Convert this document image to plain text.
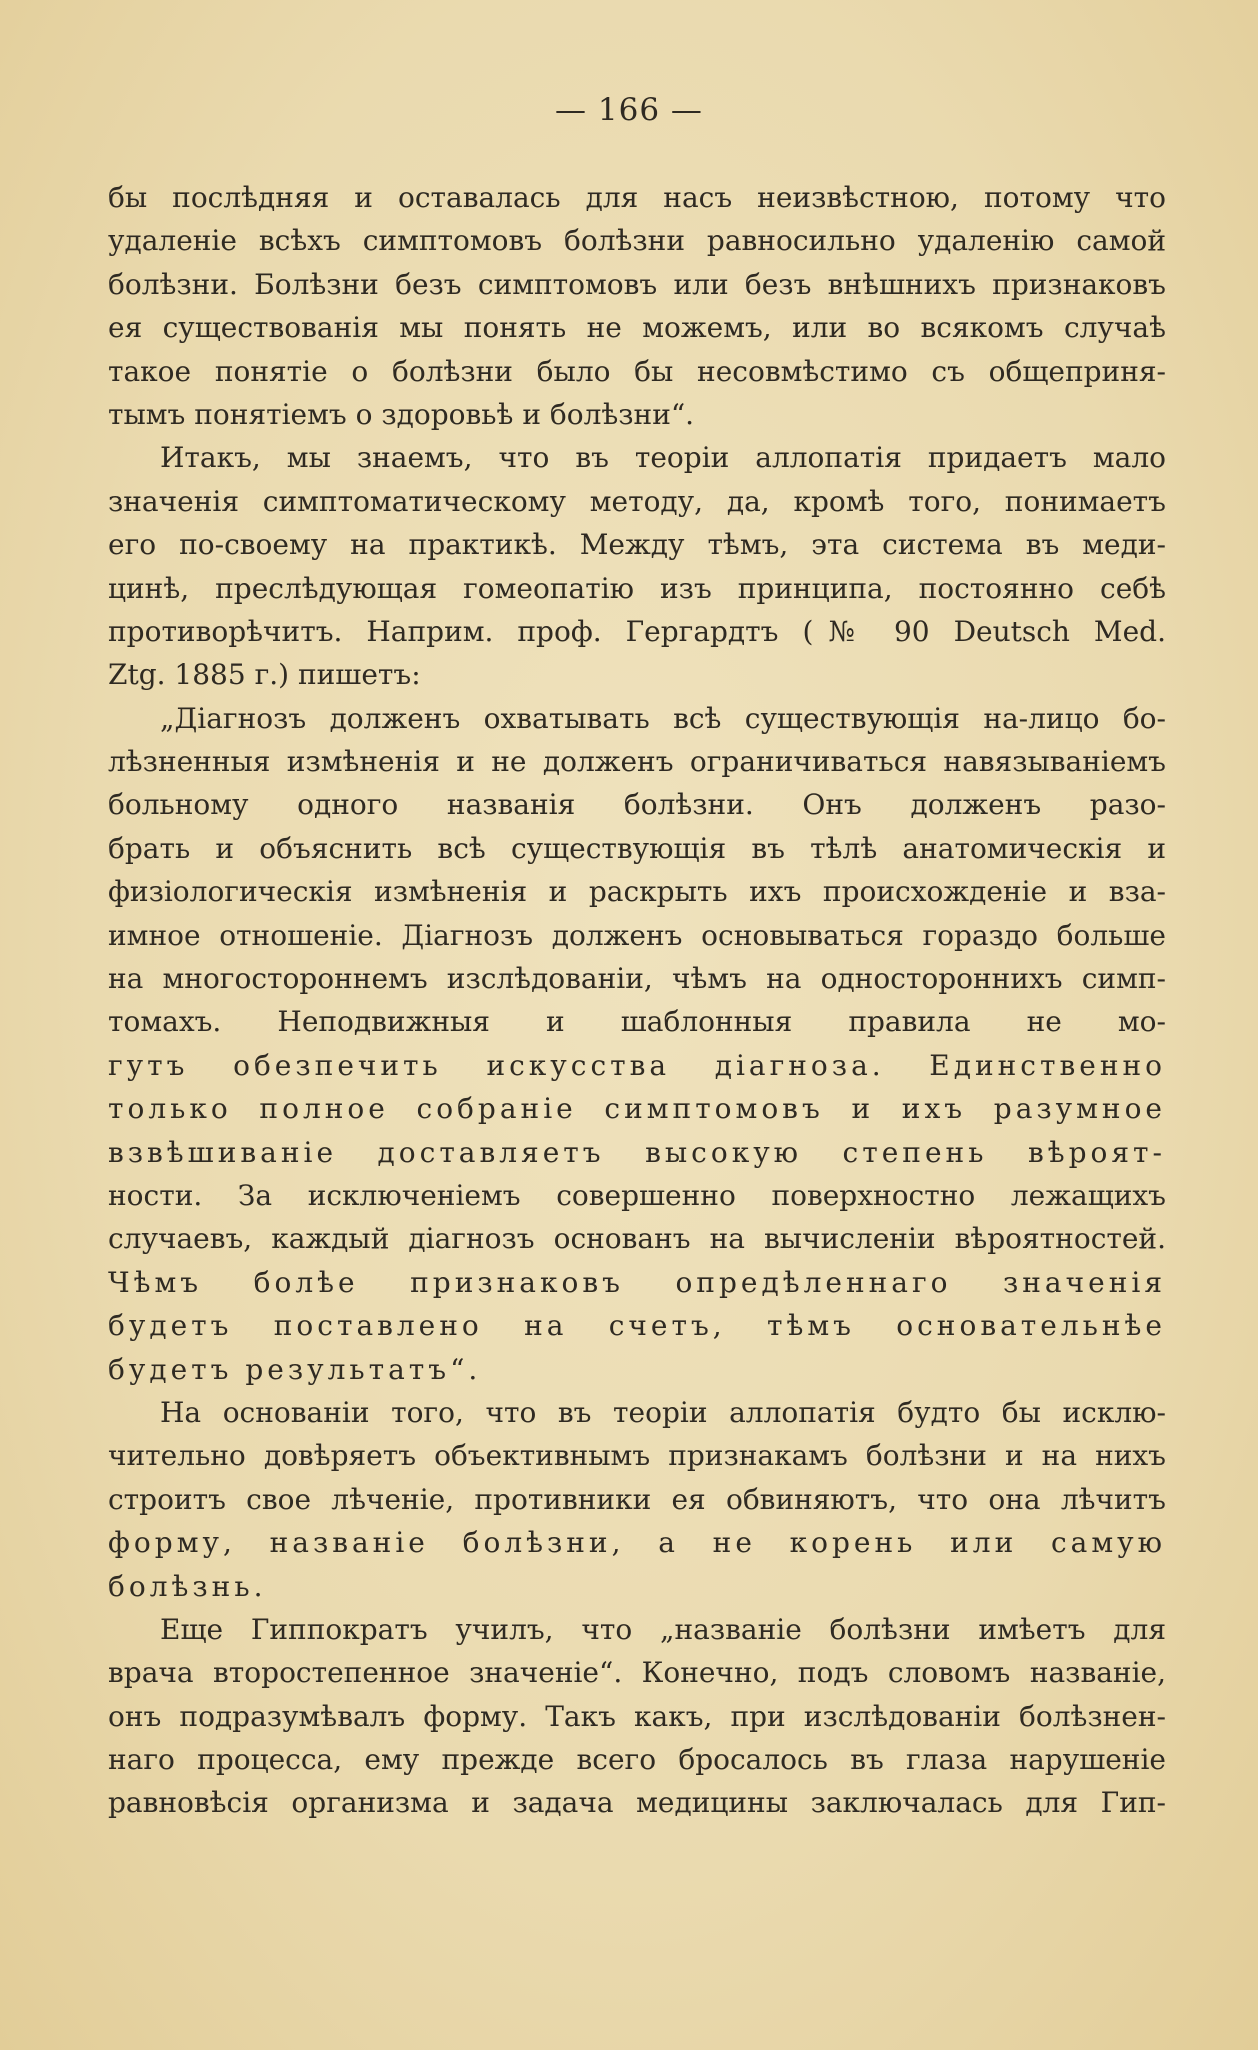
— 166 —
бы послѣдняя и оставалась для насъ неизвѣстною, потому что
удаленіе всѣхъ симптомовъ болѣзни равносильно удаленію самой
болѣзни. Болѣзни безъ симптомовъ или безъ внѣшнихъ признаковъ
ея существованія мы понять не можемъ, или во всякомъ случаѣ
такое понятіе о болѣзни было бы несовмѣстимо съ общеприня-
тымъ понятіемъ о здоровьѣ и болѣзни“.
Итакъ, мы знаемъ, что въ теоріи аллопатія придаетъ мало
значенія симптоматическому методу, да, кромѣ того, понимаетъ
его по-своему на практикѣ. Между тѣмъ, эта система въ меди-
цинѣ, преслѣдующая гомеопатію изъ принципа, постоянно себѣ
противорѣчитъ. Наприм. проф. Гергардтъ (№ 90 Deutsch Med.
Ztg. 1885 г.) пишетъ:
„Діагнозъ долженъ охватывать всѣ существующія на-лицо бо-
лѣзненныя измѣненія и не долженъ ограничиваться навязываніемъ
больному одного названія болѣзни. Онъ долженъ разо-
брать и объяснить всѣ существующія въ тѣлѣ анатомическія и
физіологическія измѣненія и раскрыть ихъ происхожденіе и вза-
имное отношеніе. Діагнозъ долженъ основываться гораздо больше
на многостороннемъ изслѣдованіи, чѣмъ на одностороннихъ симп-
томахъ. Неподвижныя и шаблонныя правила не мо-
гутъ обезпечить искусства діагноза. Единственно
только полное собраніе симптомовъ и ихъ разумное
взвѣшиваніе доставляетъ высокую степень вѣроят-
ности. За исключеніемъ совершенно поверхностно лежащихъ
случаевъ, каждый діагнозъ основанъ на вычисленіи вѣроятностей.
Чѣмъ болѣе признаковъ опредѣленнаго значенія
будетъ поставлено на счетъ, тѣмъ основательнѣе
будетъ результатъ“.
На основаніи того, что въ теоріи аллопатія будто бы исклю-
чительно довѣряетъ объективнымъ признакамъ болѣзни и на нихъ
строитъ свое лѣченіе, противники ея обвиняютъ, что она лѣчитъ
форму, названіе болѣзни, а не корень или самую
болѣзнь.
Еще Гиппократъ училъ, что „названіе болѣзни имѣетъ для
врача второстепенное значеніе“. Конечно, подъ словомъ названіе,
онъ подразумѣвалъ форму. Такъ какъ, при изслѣдованіи болѣзнен-
наго процесса, ему прежде всего бросалось въ глаза нарушеніе
равновѣсія организма и задача медицины заключалась для Гип-
